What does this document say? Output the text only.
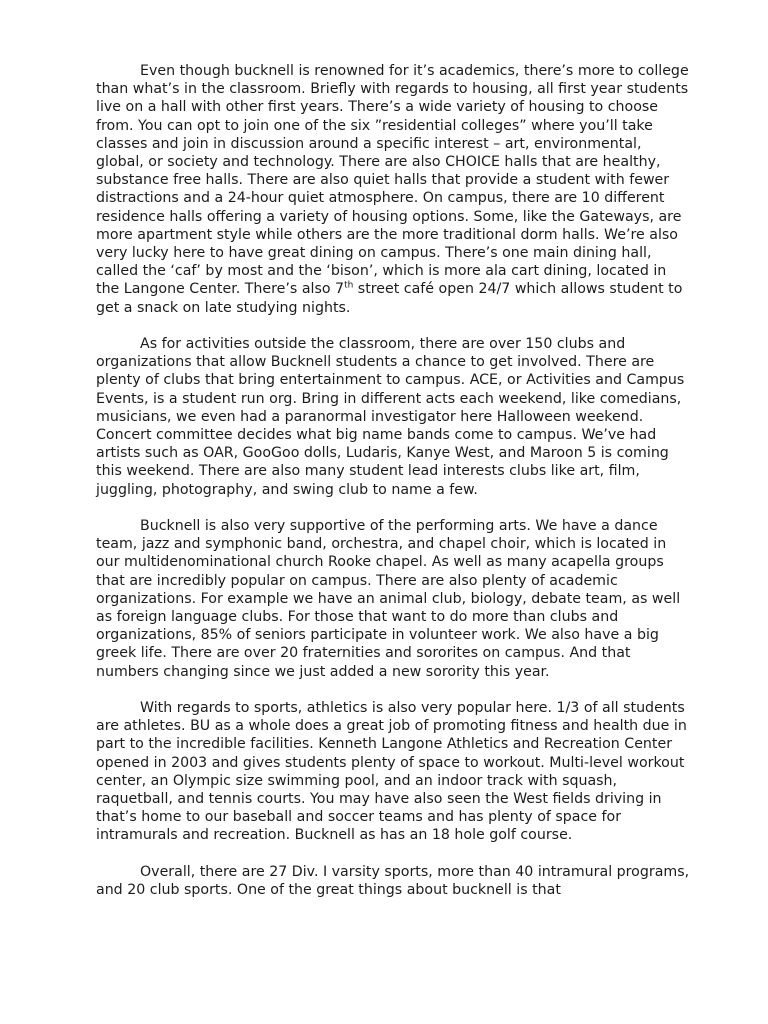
Even though bucknell is renowned for it’s academics, there’s more to college than what’s in the classroom. Briefly with regards to housing, all first year students live on a hall with other first years. There’s a wide variety of housing to choose from. You can opt to join one of the six ”residential colleges” where you’ll take classes and join in discussion around a specific interest – art, environmental, global, or society and technology. There are also CHOICE halls that are healthy, substance free halls. There are also quiet halls that provide a student with fewer distractions and a 24-hour quiet atmosphere. On campus, there are 10 different residence halls offering a variety of housing options. Some, like the Gateways, are more apartment style while others are the more traditional dorm halls. We’re also very lucky here to have great dining on campus. There’s one main dining hall, called the ‘caf’ by most and the ‘bison’, which is more ala cart dining, located in the Langone Center. There’s also 7th street café open 24/7 which allows student to get a snack on late studying nights.

As for activities outside the classroom, there are over 150 clubs and organizations that allow Bucknell students a chance to get involved. There are plenty of clubs that bring entertainment to campus. ACE, or Activities and Campus Events, is a student run org. Bring in different acts each weekend, like comedians, musicians, we even had a paranormal investigator here Halloween weekend. Concert committee decides what big name bands come to campus. We’ve had artists such as OAR, GooGoo dolls, Ludaris, Kanye West, and Maroon 5 is coming this weekend. There are also many student lead interests clubs like art, film, juggling, photography, and swing club to name a few.

Bucknell is also very supportive of the performing arts. We have a dance team, jazz and symphonic band, orchestra, and chapel choir, which is located in our multidenominational church Rooke chapel. As well as many acapella groups that are incredibly popular on campus. There are also plenty of academic organizations. For example we have an animal club, biology, debate team, as well as foreign language clubs. For those that want to do more than clubs and organizations, 85% of seniors participate in volunteer work. We also have a big greek life. There are over 20 fraternities and sororites on campus. And that numbers changing since we just added a new sorority this year.

With regards to sports, athletics is also very popular here. 1/3 of all students are athletes. BU as a whole does a great job of promoting fitness and health due in part to the incredible facilities. Kenneth Langone Athletics and Recreation Center opened in 2003 and gives students plenty of space to workout. Multi-level workout center, an Olympic size swimming pool, and an indoor track with squash, raquetball, and tennis courts. You may have also seen the West fields driving in that’s home to our baseball and soccer teams and has plenty of space for intramurals and recreation. Bucknell as has an 18 hole golf course.

Overall, there are 27 Div. I varsity sports, more than 40 intramural programs, and 20 club sports. One of the great things about bucknell is that
